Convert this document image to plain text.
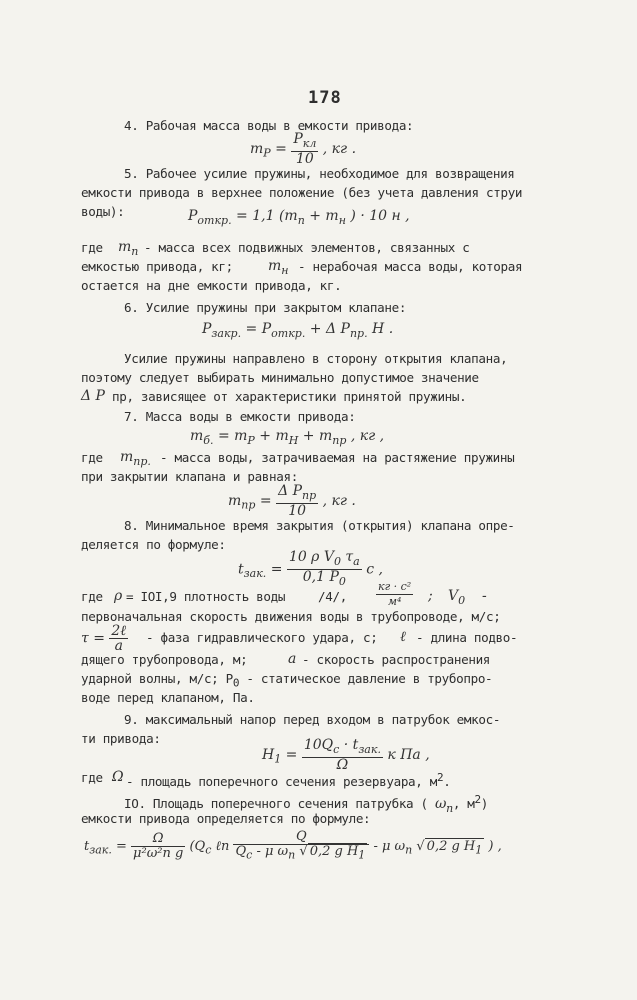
178
4. Рабочая масса воды в емкости привода:
$m_P = \frac{P_{кл}}{10}$ , кг .
5. Рабочее усилие пружины, необходимое для возвращения
емкости привода в верхнее положение (без учета давления струи
воды):	$P_{откр.} = 1,1$ ($m_п + m_н$ ) · 10 н ,
где $m_п$ - масса всех подвижных элементов, связанных с
емкостью привода, кг;	$m_н$ - нерабочая масса воды, которая
остается на дне емкости привода, кг.
6. Усилие пружины при закрытом клапане:
$P_{закр.} = P_{откр.} + \Delta$ $P_{пр.}$ H .
Усилие пружины направлено в сторону открытия клапана,
поэтому следует выбирать минимально допустимое значение
Δ P пр, зависящее от характеристики принятой пружины.
7. Масса воды в емкости привода:
$m_{б.} = m_P + m_H + m_{пр}$ , кг ,
где $m_{пр.}$ - масса воды, затрачиваемая на растяжение пружины
при закрытии клапана и равная:
$m_{пр} = \frac{\Delta P_{пр}}{10}$ , кг .
8. Минимальное время закрытия (открытия) клапана опре-
деляется по формуле:
$t_{зак.} = \frac{10 \rho V_0 \tau_a}{0,1 P_0}$ c ,
где ρ = IOI,9 плотность воды	/4/,	$\frac{\text{кг · c²}}{\text{м⁴}}$ ; $V_0$ -
первоначальная скорость движения воды в трубопроводе, м/с;
$\tau = \frac{\text{2ℓ}}{a}$ - фаза гидравлического удара, с; ℓ - длина подво-
дящего трубопровода, м;	a - скорость распространения
ударной волны, м/с; $P_0$ - статическое давление в трубопро-
воде перед клапаном, Па.
9. максимальный напор перед входом в патрубок емкос-
ти привода:
$H_1 = \frac{10Q_c \cdot t_{зак.}}{\Omega}$ к Па ,
где Ω - площадь поперечного сечения резервуара, $м^2$.
IO. Площадь поперечного сечения патрубка ( $\omega_п$, $м^2$)
емкости привода определяется по формуле:
$t_{зак.} = \frac{\Omega}{\text{μ²ω²п g}} (Q_c$ ℓn $\frac{Q}{Q_c - \mu \omega_п √ 0,2 g H_1}$ - μ $\omega_п$ √ 0,2 g $H_1$ ) ,
